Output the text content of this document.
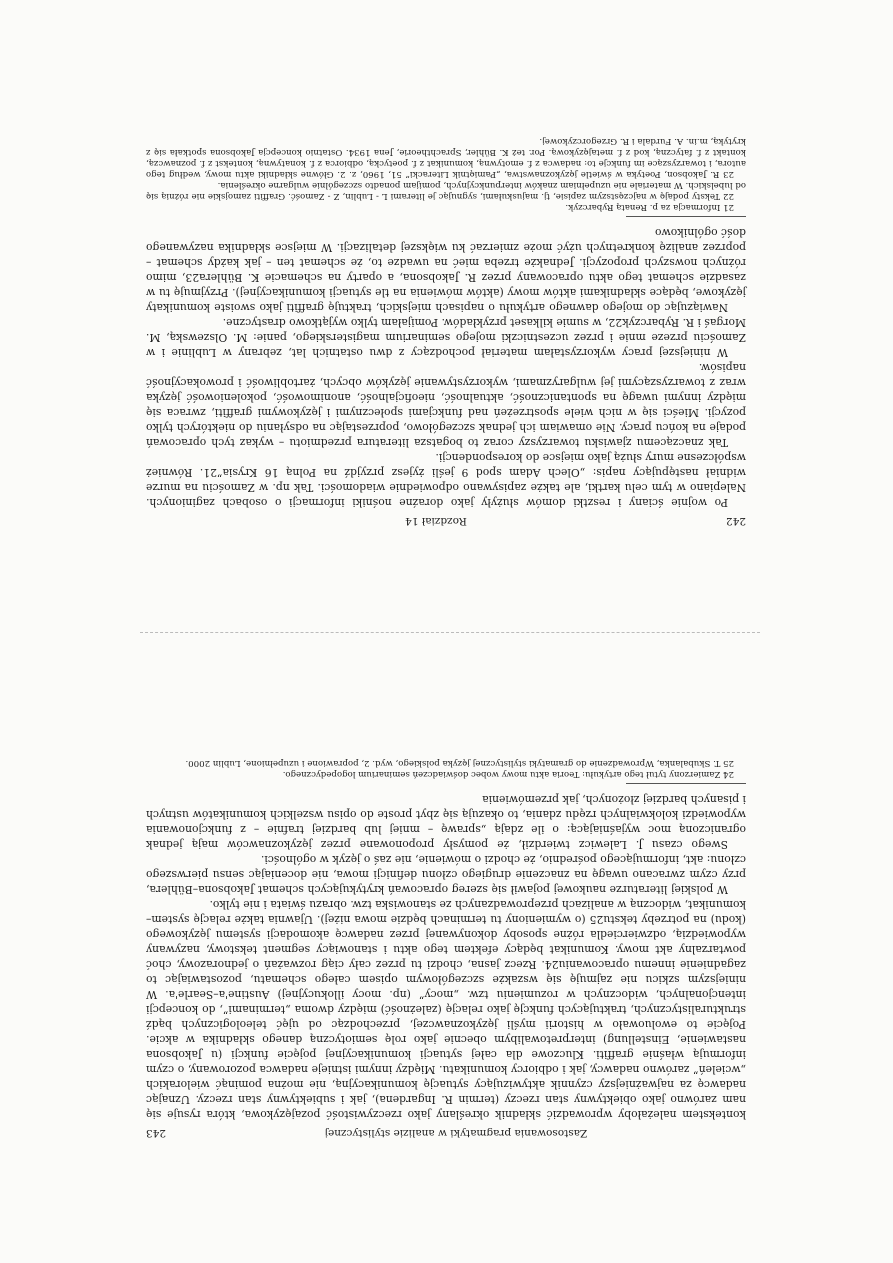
242
Rozdział 14

Po wojnie ściany i resztki domów służyły jako doraźne nośniki informacji o osobach zaginionych. Nalepiano w tym celu kartki, ale także zapisywano odpowiednie wiadomości. Tak np. w Zamościu na murze widniał następujący napis: „Olech Adam spod 9 jeśli żyjesz przyjdź na Polną 16 Krysia”21. Również współczesne mury służą jako miejsce do korespondencji.

Tak znaczącemu zjawisku towarzyszy coraz to bogatsza literatura przedmiotu – wykaz tych opracowań podaje na końcu pracy. Nie omawiam ich jednak szczegółowo, poprzestając na odsyłaniu do niektórych tylko pozycji. Mieści się w nich wiele spostrzeżeń nad funkcjami społecznymi i językowymi graffiti, zwraca się między innymi uwagę na spontaniczność, aktualność, nieoficjalność, anonimowość, pokoleniowość języka wraz z towarzyszącymi jej wulgaryzmami, wykorzystywanie języków obcych, żartobliwość i prowokacyjność napisów.

W niniejszej pracy wykorzystałam materiał pochodzący z dwu ostatnich lat, zebrany w Lublinie i w Zamościu przeze mnie i przez uczestniczki mojego seminarium magisterskiego, panie: M. Olszewską, M. Morgaś i R. Rybarczyk22, w sumie kilkaset przykładów. Pomijałam tylko wyjątkowo drastyczne.

Nawiązując do mojego dawnego artykułu o napisach miejskich, traktuję graffiti jako swoiste komunikaty językowe, będące składnikami aktów mowy (aktów mówienia na tle sytuacji komunikacyjnej). Przyjmuję tu w zasadzie schemat tego aktu opracowany przez R. Jakobsona, a oparty na schemacie K. Bühlera23, mimo różnych nowszych propozycji. Jednakże trzeba mieć na uwadze to, że schemat ten – jak każdy schemat – poprzez analizę konkretnych użyć może zmierzać ku większej detalizacji. W miejsce składnika nazywanego dość ogólnikowo

21 Informacja za p. Renatą Rybarczyk.

22 Teksty podaję w najczęstszym zapisie, tj. majuskułami, sygnując je literami L - Lublin, Z - Zamość. Graffiti zamojskie nie różnią się od lubelskich. W materiale nie uzupełniam znaków interpunkcyjnych, pomijam ponadto szczególnie wulgarne określenia.

23 R. Jakobson, Poetyka w świetle językoznawstwa, „Pamiętnik Literacki” 51, 1960, z. 2. Główne składniki aktu mowy, według tego autora, i towarzyszące im funkcje to: nadawca z f. emotywną, komunikat z f. poetycką, odbiorca z f. konatywną, kontekst z f. poznawczą, kontakt z f. fatyczną, kod z f. metajęzykową. Por. też K. Bühler, Sprachtheorie, Jena 1934. Ostatnio koncepcja Jakobsona spotkała się z krytyką, m.in. A. Furdala i R. Grzegorczykowej.

Zastosowania pragmatyki w analizie stylistycznej
243

kontekstem należałoby wprowadzić składnik określany jako rzeczywistość pozajęzykowa, która rysuje się nam zarówno jako obiektywny stan rzeczy (termin R. Ingardena), jak i subiektywny stan rzeczy. Uznając nadawcę za najważniejszy czynnik aktywizujący sytuację komunikacyjną, nie można pominąć wielorakich „wcieleń” zarówno nadawcy, jak i odbiorcy komunikatu. Między innymi istnieje nadawca pozorowany, o czym informują właśnie graffiti. Kluczowe dla całej sytuacji komunikacyjnej pojęcie funkcji (u Jakobsona nastawienie, Einstellung) interpretowalibym obecnie jako rolę semiotyczną danego składnika w akcie. Pojęcie to ewoluowało w historii myśli językoznawczej, przechodząc od ujęć teleologicznych bądź strukturalistycznych, traktujących funkcję jako relację (zależność) między dwoma „terminami”, do koncepcji intencjonalnych, widocznych w rozumieniu tzw. „mocy” (np. mocy illokucyjnej) Austine'a–Searle'a. W niniejszym szkicu nie zajmuję się wszakże szczegółowym opisem całego schematu, pozostawiając to zagadnienie innemu opracowaniu24. Rzecz jasna, chodzi tu przez cały ciąg rozważań o jednorazowy, choć powtarzalny akt mowy. Komunikat będący efektem tego aktu i stanowiący segment tekstowy, nazywany wypowiedzią, odzwierciedla różne sposoby dokonywanej przez nadawcę akomodacji systemu językowego (kodu) na potrzeby tekstu25 (o wymieniony tu terminach będzie mowa niżej). Ujawnia także relację system–komunikat, widoczną w analizach przeprowadzanych ze stanowiska tzw. obrazu świata i nie tylko.

W polskiej literaturze naukowej pojawił się szereg opracowań krytykujących schemat Jakobsona–Bühlera, przy czym zwracano uwagę na znaczenie drugiego członu definicji mowa, nie doceniając sensu pierwszego członu: akt, informującego pośrednio, że chodzi o mówienie, nie zaś o język w ogólności.

Swego czasu J. Lalewicz twierdził, że pomysły proponowane przez językoznawców mają jednak ograniczoną moc wyjaśniającą: o ile zdają „sprawę – mniej lub bardziej trafnie – z funkcjonowania wypowiedzi kolokwialnych rzędu zdania, to okazują się zbyt proste do opisu wszelkich komunikatów ustnych i pisanych bardziej złożonych, jak przemówienia

24 Zamierzony tytuł tego artykułu: Teoria aktu mowy wobec doświadczeń seminarium logopedycznego.

25 T. Skubalanka, Wprowadzenie do gramatyki stylistycznej języka polskiego, wyd. 2, poprawione i uzupełnione, Lublin 2000.
